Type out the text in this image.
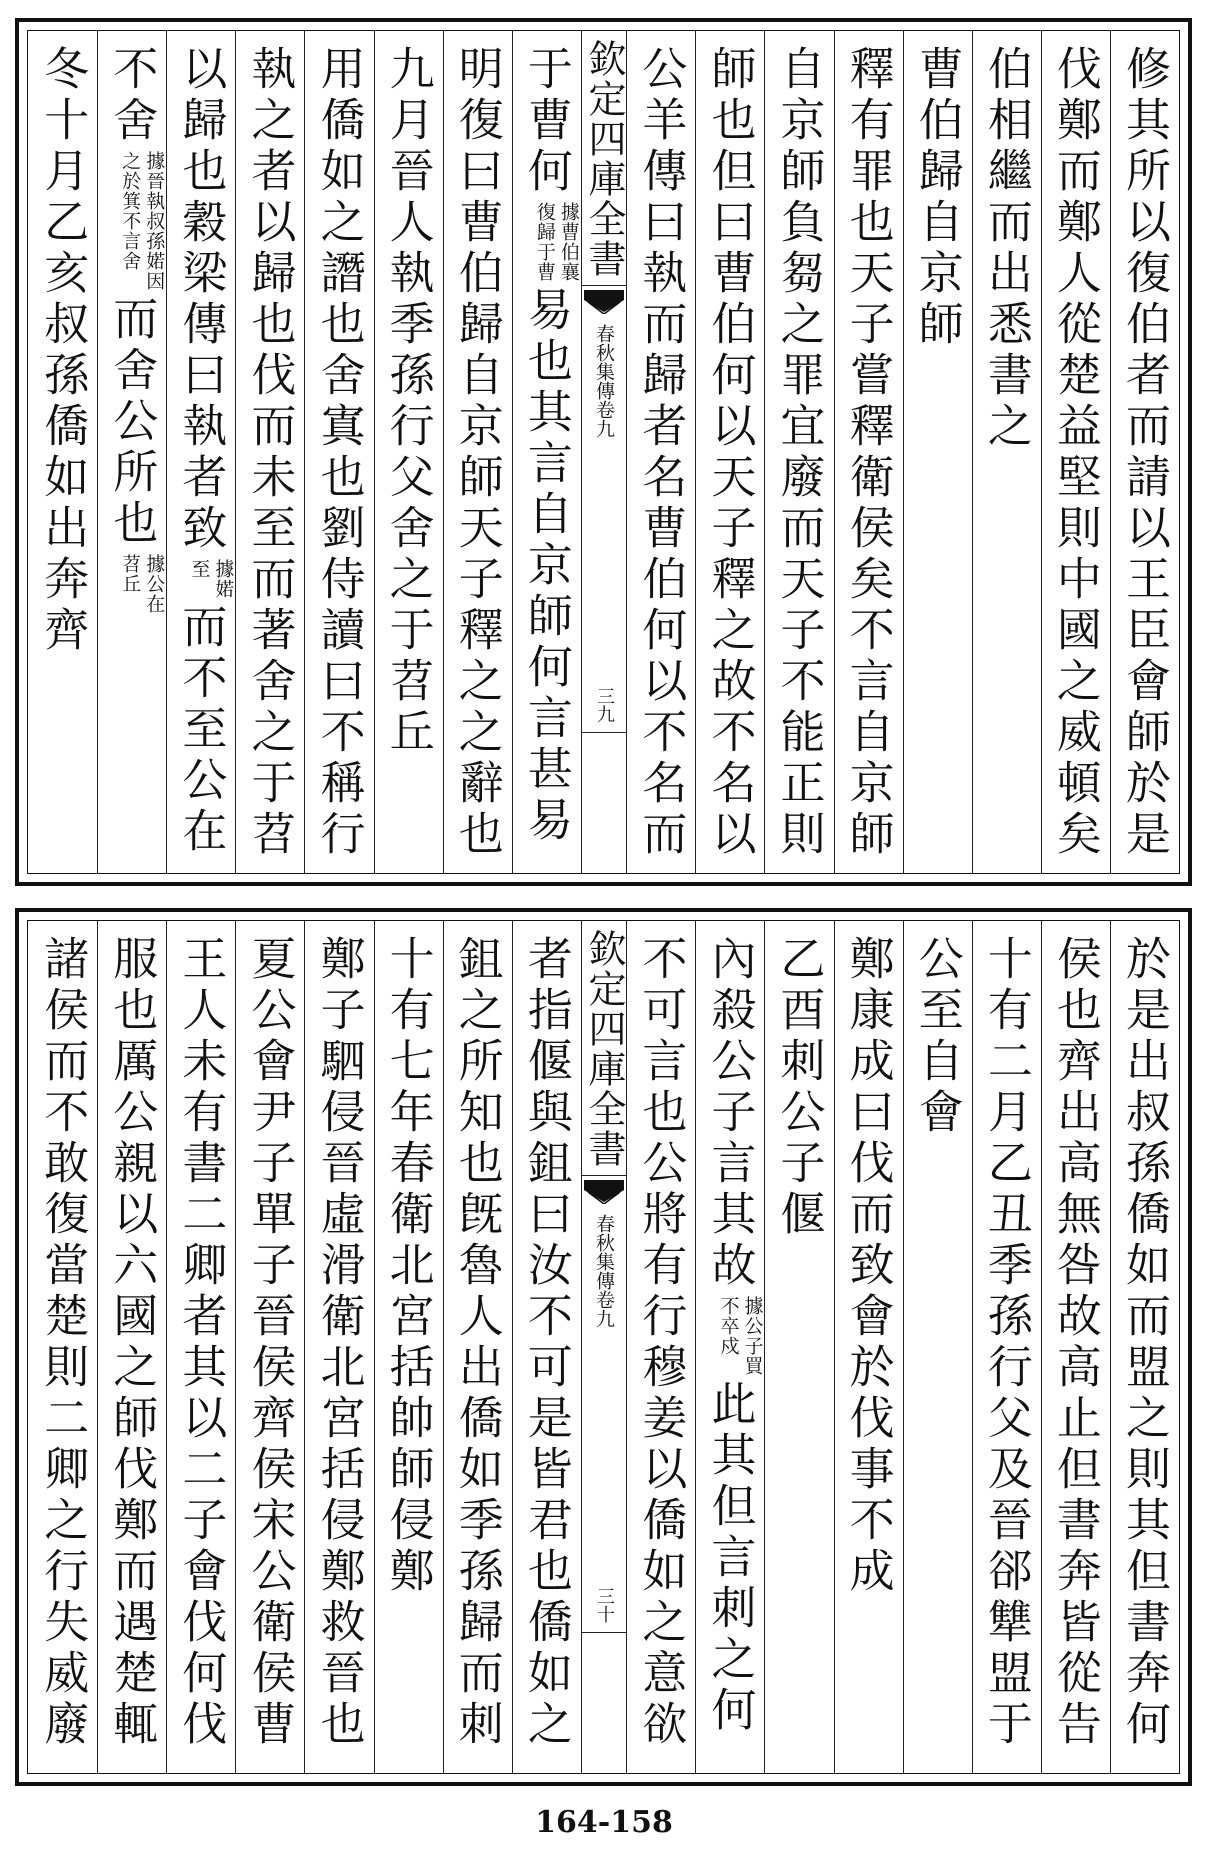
修其所以復伯者而請以王臣會師於是
伐鄭而鄭人從楚益堅則中國之威頓矣
伯相繼而出悉書之
曹伯歸自京師
釋有罪也天子嘗釋衛侯矣不言自京師
自京師負芻之罪宜廢而天子不能正則
師也但曰曹伯何以天子釋之故不名以
公羊傳曰執而歸者名曹伯何以不名而
欽定四庫全書
春秋集傳卷九
三九
于曹何
據曹伯襄
復歸于曹
易也其言自京師何言甚易
明復曰曹伯歸自京師天子釋之之辭也
九月晉人執季孫行父舍之于苕丘
用僑如之譖也舍寘也劉侍讀曰不稱行
執之者以歸也伐而未至而著舍之于苕
以歸也穀梁傳曰執者致
據婼
至
而不至公在
不舍
據晉執叔孫婼因
之於箕不言舍
而舍公所也
據公在
苕丘
冬十月乙亥叔孫僑如出奔齊
於是出叔孫僑如而盟之則其但書奔何
侯也齊出高無咎故高止但書奔皆從告
十有二月乙丑季孫行父及晉郤犨盟于
公至自會
鄭康成曰伐而致會於伐事不成
乙酉刺公子偃
內殺公子言其故
據公子買
不卒戍
此其但言刺之何
不可言也公將有行穆姜以僑如之意欲
欽定四庫全書
春秋集傳卷九
三十
者指偃與鉏曰汝不可是皆君也僑如之
鉏之所知也旣魯人出僑如季孫歸而刺
十有七年春衛北宮括帥師侵鄭
鄭子駟侵晉虛滑衛北宮括侵鄭救晉也
夏公會尹子單子晉侯齊侯宋公衛侯曹
王人未有書二卿者其以二子會伐何伐
服也厲公親以六國之師伐鄭而遇楚輒
諸侯而不敢復當楚則二卿之行失威廢
164-158
